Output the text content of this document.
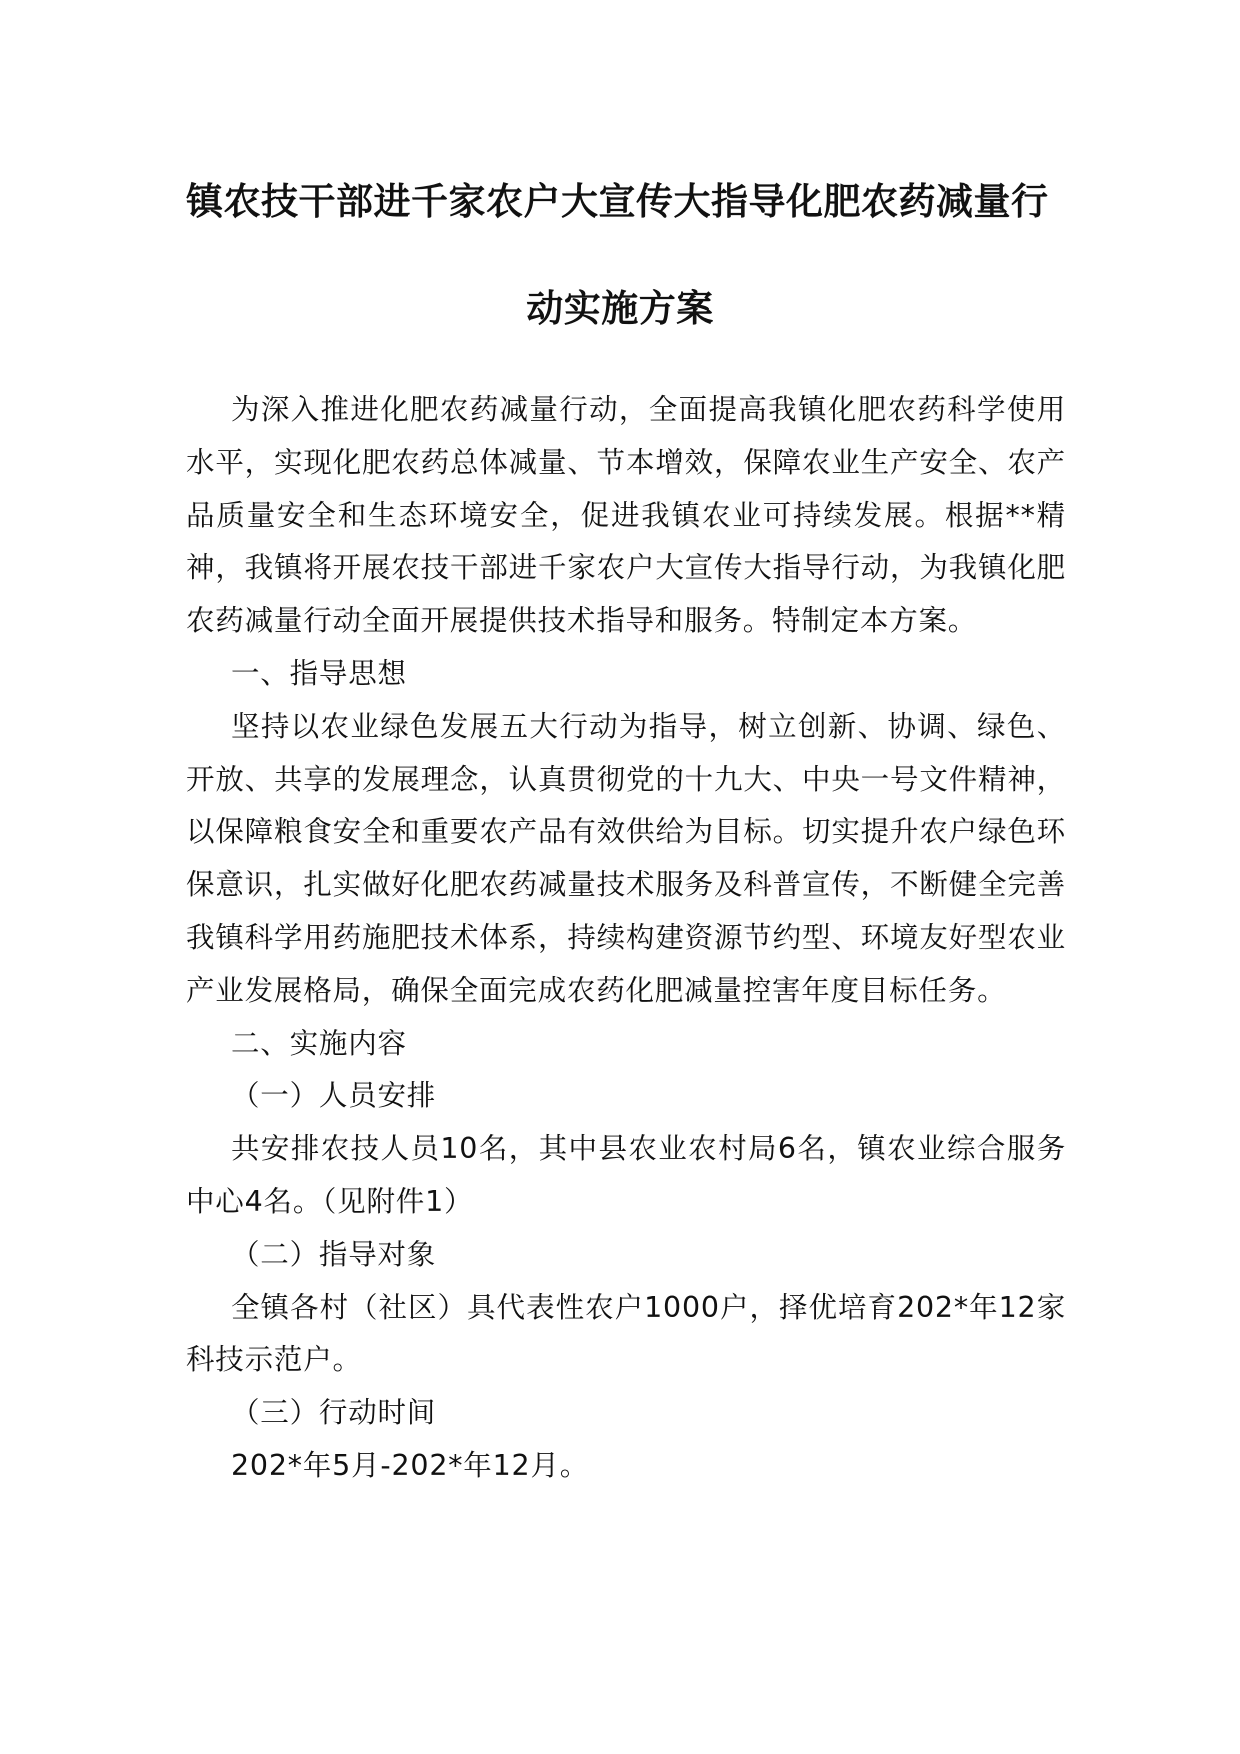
镇农技干部进千家农户大宣传大指导化肥农药减量行
动实施方案

为深入推进化肥农药减量行动，全面提高我镇化肥农药科学使用水平，实现化肥农药总体减量、节本增效，保障农业生产安全、农产品质量安全和生态环境安全，促进我镇农业可持续发展。根据**精神，我镇将开展农技干部进千家农户大宣传大指导行动，为我镇化肥农药减量行动全面开展提供技术指导和服务。特制定本方案。

一、指导思想

坚持以农业绿色发展五大行动为指导，树立创新、协调、绿色、开放、共享的发展理念，认真贯彻党的十九大、中央一号文件精神，以保障粮食安全和重要农产品有效供给为目标。切实提升农户绿色环保意识，扎实做好化肥农药减量技术服务及科普宣传，不断健全完善我镇科学用药施肥技术体系，持续构建资源节约型、环境友好型农业产业发展格局，确保全面完成农药化肥减量控害年度目标任务。

二、实施内容

（一）人员安排

共安排农技人员10名，其中县农业农村局6名，镇农业综合服务中心4名。（见附件1）

（二）指导对象

全镇各村（社区）具代表性农户1000户，择优培育202*年12家科技示范户。

（三）行动时间

202*年5月-202*年12月。
